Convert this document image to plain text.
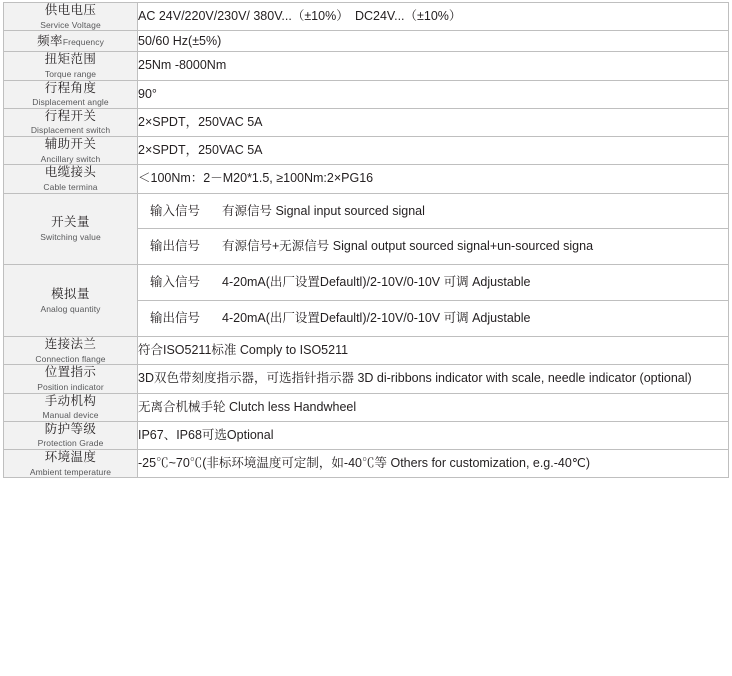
供电电压
Service Voltage
	AC 24V/220V/230V/ 380V...（±10%）　DC24V...（±10%）
频率Frequency	50/60 Hz(±5%)

扭矩范围
Torque range
	25Nm -8000Nm

行程角度
Displacement angle
	90°

行程开关
Displacement switch
	2×SPDT，250VAC 5A

辅助开关
Ancillary switch
	2×SPDT，250VAC 5A

电缆接头
Cable termina
	＜100Nm：2－M20*1.5, ≥100Nm:2×PG16

开关量
Switching value

输入信号 有源信号 Signal input sourced signal
输出信号 有源信号+无源信号 Signal output sourced signal+un-sourced signa

模拟量
Analog quantity

输入信号 4-20mA(出厂设置Defaultl)/2-10V/0-10V 可调 Adjustable
输出信号 4-20mA(出厂设置Defaultl)/2-10V/0-10V 可调 Adjustable

连接法兰
Connection flange
	符合ISO5211标准 Comply to ISO5211

位置指示
Position indicator
	3D双色带刻度指示器，可选指针指示器 3D di-ribbons indicator with scale, needle indicator (optional)

手动机构
Manual device
	无离合机械手轮 Clutch less Handwheel

防护等级
Protection Grade
	IP67、IP68可选Optional

环境温度
Ambient temperature
	-25℃~70℃(非标环境温度可定制，如-40℃等 Others for customization, e.g.-40℃)
